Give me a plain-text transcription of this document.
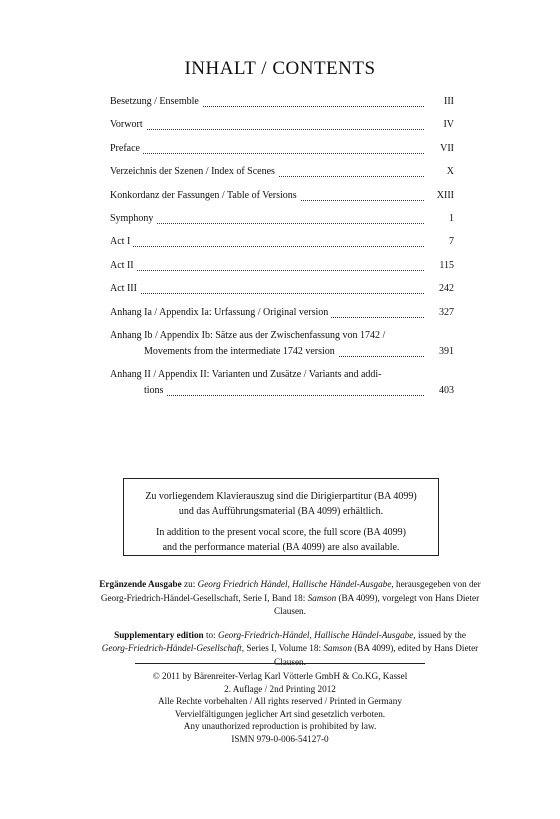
INHALT / CONTENTS
Besetzung / Ensemble	III
Vorwort	IV
Preface	VII
Verzeichnis der Szenen / Index of Scenes	X
Konkordanz der Fassungen / Table of Versions	XIII
Symphony	1
Act I	7
Act II	115
Act III	242
Anhang Ia / Appendix Ia: Urfassung / Original version	327
Anhang Ib / Appendix Ib: Sätze aus der Zwischenfassung von 1742 /
Movements from the intermediate 1742 version	391
Anhang II / Appendix II: Varianten und Zusätze / Variants and addi-
tions	403

Zu vorliegendem Klavierauszug sind die Dirigierpartitur (BA 4099)

und das Aufführungsmaterial (BA 4099) erhältlich.

In addition to the present vocal score, the full score (BA 4099)

and the performance material (BA 4099) are also available.

Ergänzende Ausgabe zu: Georg Friedrich Händel, Hallische Händel-Ausgabe, herausgegeben von der
Georg-Friedrich-Händel-Gesellschaft, Serie I, Band 18: Samson (BA 4099), vorgelegt von Hans Dieter Clausen.

Supplementary edition to: Georg-Friedrich-Händel, Hallische Händel-Ausgabe, issued by the
Georg-Friedrich-Händel-Gesellschaft, Series I, Volume 18: Samson (BA 4099), edited by Hans Dieter Clausen.

© 2011 by Bärenreiter-Verlag Karl Vötterle GmbH & Co.KG, Kassel
2. Auflage / 2nd Printing 2012
Alle Rechte vorbehalten / All rights reserved / Printed in Germany
Vervielfältigungen jeglicher Art sind gesetzlich verboten.
Any unauthorized reproduction is prohibited by law.
ISMN 979-0-006-54127-0
